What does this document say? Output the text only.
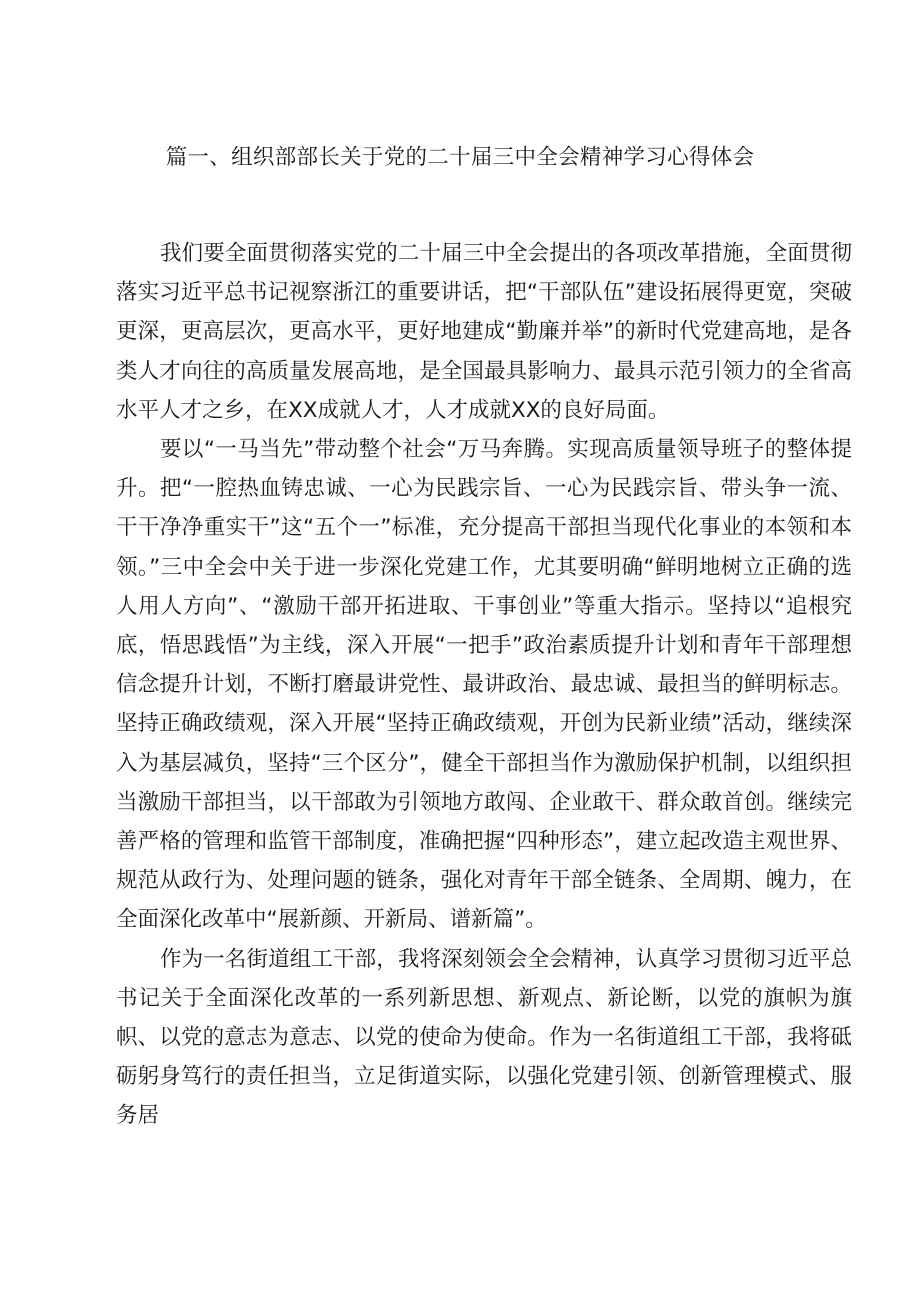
篇一、组织部部长关于党的二十届三中全会精神学习心得体会

我们要全面贯彻落实党的二十届三中全会提出的各项改革措施，全面贯彻落实习近平总书记视察浙江的重要讲话，把“干部队伍”建设拓展得更宽，突破更深，更高层次，更高水平，更好地建成“勤廉并举”的新时代党建高地，是各类人才向往的高质量发展高地，是全国最具影响力、最具示范引领力的全省高水平人才之乡，在XX成就人才，人才成就XX的良好局面。

要以“一马当先”带动整个社会“万马奔腾。实现高质量领导班子的整体提升。把“一腔热血铸忠诚、一心为民践宗旨、一心为民践宗旨、带头争一流、干干净净重实干”这“五个一”标准，充分提高干部担当现代化事业的本领和本领。”三中全会中关于进一步深化党建工作，尤其要明确“鲜明地树立正确的选人用人方向”、“激励干部开拓进取、干事创业”等重大指示。坚持以“追根究底，悟思践悟”为主线，深入开展“一把手”政治素质提升计划和青年干部理想信念提升计划，不断打磨最讲党性、最讲政治、最忠诚、最担当的鲜明标志。坚持正确政绩观，深入开展“坚持正确政绩观，开创为民新业绩”活动，继续深入为基层减负，坚持“三个区分”，健全干部担当作为激励保护机制，以组织担当激励干部担当，以干部敢为引领地方敢闯、企业敢干、群众敢首创。继续完善严格的管理和监管干部制度，准确把握“四种形态”，建立起改造主观世界、规范从政行为、处理问题的链条，强化对青年干部全链条、全周期、魄力，在全面深化改革中“展新颜、开新局、谱新篇”。

作为一名街道组工干部，我将深刻领会全会精神，认真学习贯彻习近平总书记关于全面深化改革的一系列新思想、新观点、新论断，以党的旗帜为旗帜、以党的意志为意志、以党的使命为使命。作为一名街道组工干部，我将砥砺躬身笃行的责任担当，立足街道实际，以强化党建引领、创新管理模式、服务居
